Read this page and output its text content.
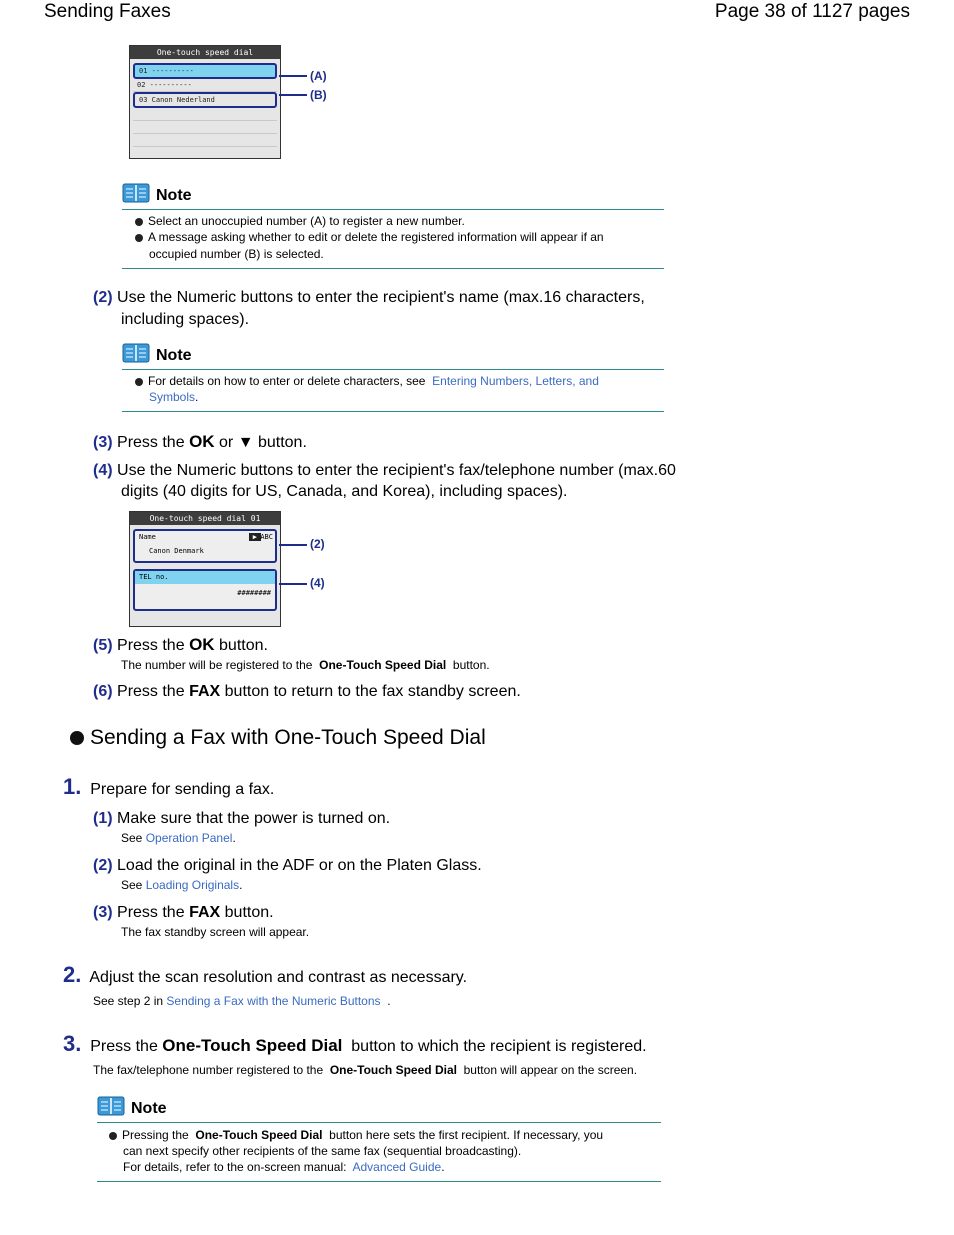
Sending Faxes	Page 38 of 1127 pages
One-touch speed dial
01 ----------
02 ----------
03 Canon Nederland
(A)
(B)
Note
Select an unoccupied number (A) to register a new number.
A message asking whether to edit or delete the registered information will appear if an
occupied number (B) is selected.
(2) Use the Numeric buttons to enter the recipient's name (max.16 characters,
including spaces).
Note
For details on how to enter or delete characters, see Entering Numbers, Letters, and
Symbols.
(3) Press the OK or ▼ button.
(4) Use the Numeric buttons to enter the recipient's fax/telephone number (max.60
digits (40 digits for US, Canada, and Korea), including spaces).
One-touch speed dial 01
Name	▶ ABC
Canon Denmark
TEL no.
########
(2)
(4)
(5) Press the OK button.
The number will be registered to the One-Touch Speed Dial button.
(6) Press the FAX button to return to the fax standby screen.
Sending a Fax with One-Touch Speed Dial
1. Prepare for sending a fax.
(1) Make sure that the power is turned on.
See Operation Panel.
(2) Load the original in the ADF or on the Platen Glass.
See Loading Originals.
(3) Press the FAX button.
The fax standby screen will appear.
2. Adjust the scan resolution and contrast as necessary.
See step 2 in Sending a Fax with the Numeric Buttons .
3. Press the One-Touch Speed Dial button to which the recipient is registered.
The fax/telephone number registered to the One-Touch Speed Dial button will appear on the screen.
Note
Pressing the One-Touch Speed Dial button here sets the first recipient. If necessary, you
can next specify other recipients of the same fax (sequential broadcasting).
For details, refer to the on-screen manual: Advanced Guide.
